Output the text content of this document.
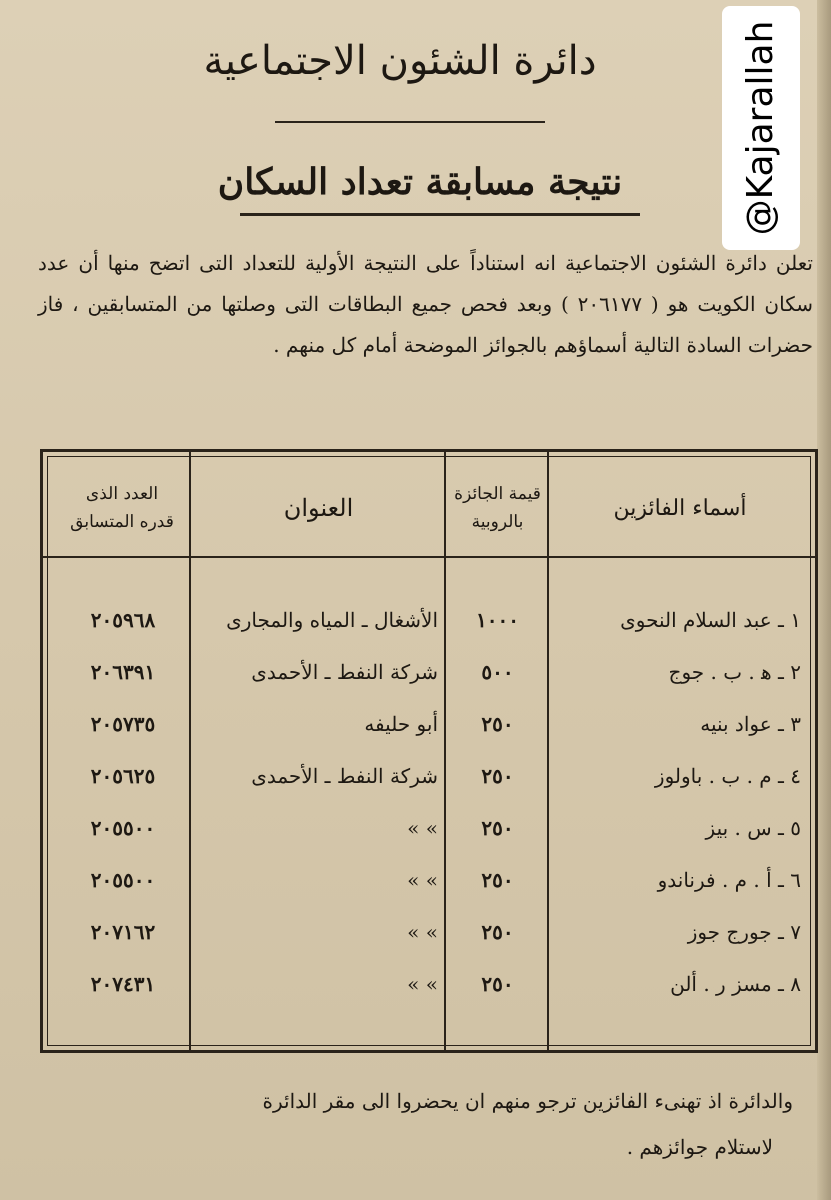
دائرة الشئون الاجتماعية
نتيجة مسابقة تعداد السكان
تعلن دائرة الشئون الاجتماعية انه استناداً على النتيجة الأولية للتعداد التى اتضح منها أن عدد سكان الكويت هو ( ٢٠٦١٧٧ ) وبعد فحص جميع البطاقات التى وصلتها من المتسابقين ، فاز حضرات السادة التالية أسماؤهم بالجوائز الموضحة أمام كل منهم .
أسماء الفائزين
قيمة الجائزة
بالروبية
العنوان
العدد الذى
قدره المتسابق
١ ـ عبد السلام النحوى
١٠٠٠
الأشغال ـ المياه والمجارى
٢٠٥٩٦٨
٢ ـ ﻫ . ب . جوج
٥٠٠
شركة النفط ـ الأحمدى
٢٠٦٣٩١
٣ ـ عواد بنيه
٢٥٠
أبو حليفه
٢٠٥٧٣٥
٤ ـ م . ب . باولوز
٢٥٠
شركة النفط ـ الأحمدى
٢٠٥٦٢٥
٥ ـ س . بيز
٢٥٠
» »
٢٠٥٥٠٠
٦ ـ أ . م . فرناندو
٢٥٠
» »
٢٠٥٥٠٠
٧ ـ جورج جوز
٢٥٠
» »
٢٠٧١٦٢
٨ ـ مسز ر . ألن
٢٥٠
» »
٢٠٧٤٣١
والدائرة اذ تهنىء الفائزين ترجو منهم ان يحضروا الى مقر الدائرة
لاستلام جوائزهم .
@Kajarallah
